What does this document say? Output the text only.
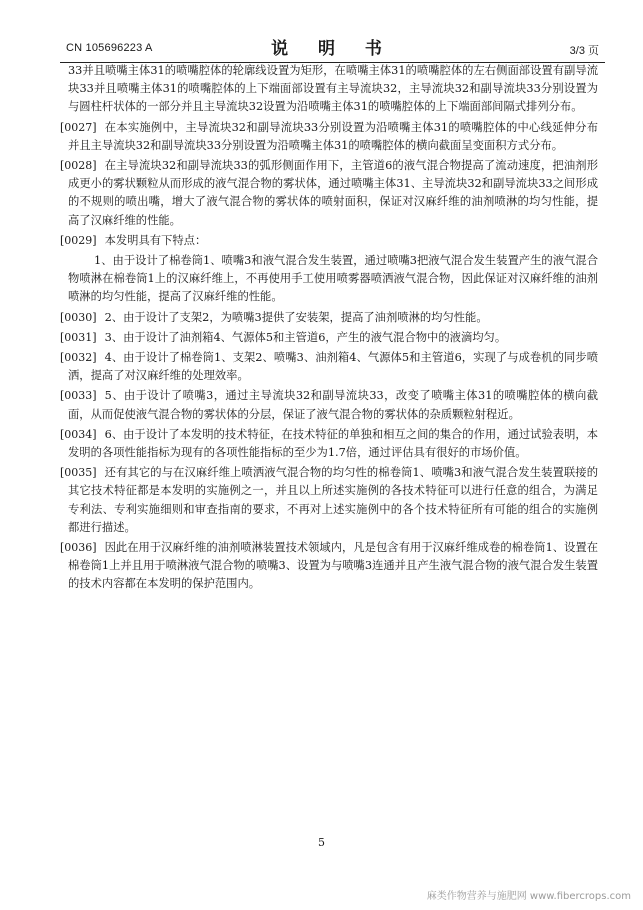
CN 105696223 A	说 明 书	3/3 页

33并且喷嘴主体31的喷嘴腔体的轮廓线设置为矩形，在喷嘴主体31的喷嘴腔体的左右侧面部设置有副导流块33并且喷嘴主体31的喷嘴腔体的上下端面部设置有主导流块32，主导流块32和副导流块33分别设置为与圆柱杆状体的一部分并且主导流块32设置为沿喷嘴主体31的喷嘴腔体的上下端面部间隔式排列分布。

[0027] 在本实施例中，主导流块32和副导流块33分别设置为沿喷嘴主体31的喷嘴腔体的中心线延伸分布并且主导流块32和副导流块33分别设置为沿喷嘴主体31的喷嘴腔体的横向截面呈变面积方式分布。

[0028] 在主导流块32和副导流块33的弧形侧面作用下，主管道6的液气混合物提高了流动速度，把油剂形成更小的雾状颗粒从而形成的液气混合物的雾状体，通过喷嘴主体31、主导流块32和副导流块33之间形成的不规则的喷出嘴，增大了液气混合物的雾状体的喷射面积，保证对汉麻纤维的油剂喷淋的均匀性能，提高了汉麻纤维的性能。

[0029] 本发明具有下特点：

1、由于设计了棉卷筒1、喷嘴3和液气混合发生装置，通过喷嘴3把液气混合发生装置产生的液气混合物喷淋在棉卷筒1上的汉麻纤维上，不再使用手工使用喷雾器喷洒液气混合物，因此保证对汉麻纤维的油剂喷淋的均匀性能，提高了汉麻纤维的性能。

[0030] 2、由于设计了支架2，为喷嘴3提供了安装架，提高了油剂喷淋的均匀性能。

[0031] 3、由于设计了油剂箱4、气源体5和主管道6，产生的液气混合物中的液滴均匀。

[0032] 4、由于设计了棉卷筒1、支架2、喷嘴3、油剂箱4、气源体5和主管道6，实现了与成卷机的同步喷洒，提高了对汉麻纤维的处理效率。

[0033] 5、由于设计了喷嘴3，通过主导流块32和副导流块33，改变了喷嘴主体31的喷嘴腔体的横向截面，从而促使液气混合物的雾状体的分层，保证了液气混合物的雾状体的杂质颗粒射程近。

[0034] 6、由于设计了本发明的技术特征，在技术特征的单独和相互之间的集合的作用，通过试验表明，本发明的各项性能指标为现有的各项性能指标的至少为1.7倍，通过评估具有很好的市场价值。

[0035] 还有其它的与在汉麻纤维上喷洒液气混合物的均匀性的棉卷筒1、喷嘴3和液气混合发生装置联接的其它技术特征都是本发明的实施例之一，并且以上所述实施例的各技术特征可以进行任意的组合，为满足专利法、专利实施细则和审查指南的要求，不再对上述实施例中的各个技术特征所有可能的组合的实施例都进行描述。

[0036] 因此在用于汉麻纤维的油剂喷淋装置技术领域内，凡是包含有用于汉麻纤维成卷的棉卷筒1、设置在棉卷筒1上并且用于喷淋液气混合物的喷嘴3、设置为与喷嘴3连通并且产生液气混合物的液气混合发生装置的技术内容都在本发明的保护范围内。

5
麻类作物营养与施肥网 www.fibercrops.com
